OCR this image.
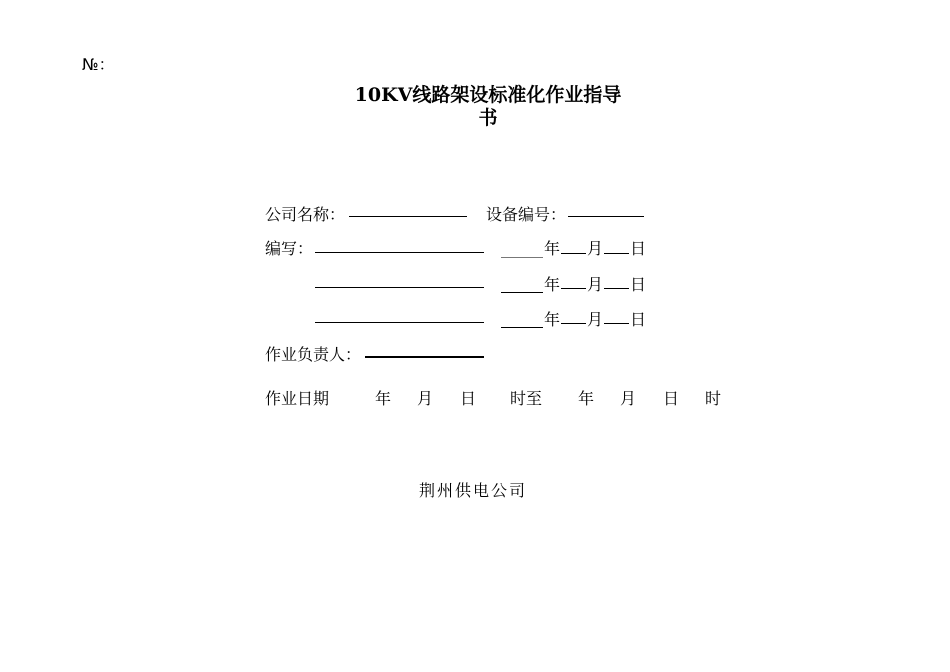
№：
10KV线路架设标准化作业指导
书
公司名称：	设备编号：
编写：	年 月 日
年 月 日
年 月 日
作业负责人：
作业日期	年 月 日 时至 年 月 日 时
荆州供电公司
